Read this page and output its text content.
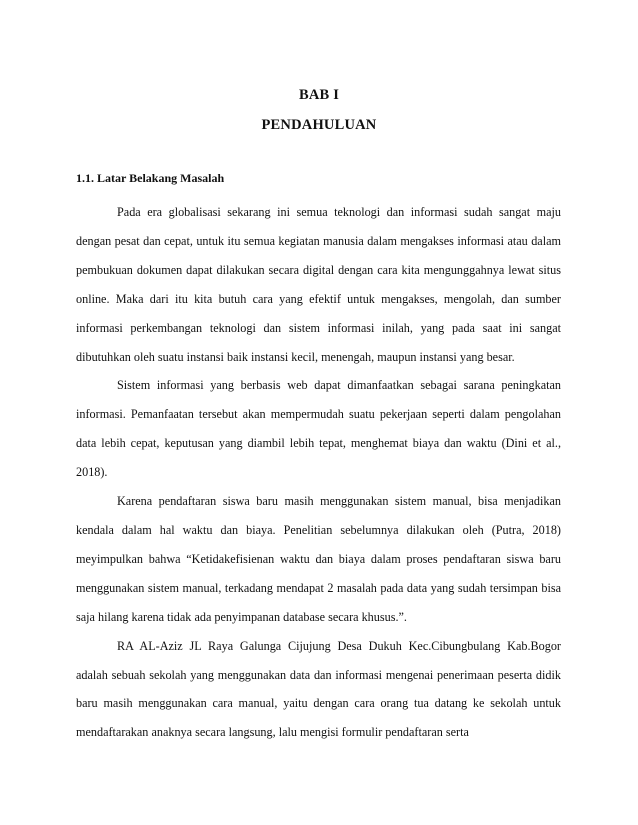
BAB I
PENDAHULUAN
1.1. Latar Belakang Masalah

Pada era globalisasi sekarang ini semua teknologi dan informasi sudah sangat maju dengan pesat dan cepat, untuk itu semua kegiatan manusia dalam mengakses informasi atau dalam pembukuan dokumen dapat dilakukan secara digital dengan cara kita mengunggahnya lewat situs online. Maka dari itu kita butuh cara yang efektif untuk mengakses, mengolah, dan sumber informasi perkembangan teknologi dan sistem informasi inilah, yang pada saat ini sangat dibutuhkan oleh suatu instansi baik instansi kecil, menengah, maupun instansi yang besar.

Sistem informasi yang berbasis web dapat dimanfaatkan sebagai sarana peningkatan informasi. Pemanfaatan tersebut akan mempermudah suatu pekerjaan seperti dalam pengolahan data lebih cepat, keputusan yang diambil lebih tepat, menghemat biaya dan waktu (Dini et al., 2018).

Karena pendaftaran siswa baru masih menggunakan sistem manual, bisa menjadikan kendala dalam hal waktu dan biaya. Penelitian sebelumnya dilakukan oleh (Putra, 2018) meyimpulkan bahwa “Ketidakefisienan waktu dan biaya dalam proses pendaftaran siswa baru menggunakan sistem manual, terkadang mendapat 2 masalah pada data yang sudah tersimpan bisa saja hilang karena tidak ada penyimpanan database secara khusus.”.

RA AL-Aziz JL Raya Galunga Cijujung Desa Dukuh Kec.Cibungbulang Kab.Bogor adalah sebuah sekolah yang menggunakan data dan informasi mengenai penerimaan peserta didik baru masih menggunakan cara manual, yaitu dengan cara orang tua datang ke sekolah untuk mendaftarakan anaknya secara langsung, lalu mengisi formulir pendaftaran serta
